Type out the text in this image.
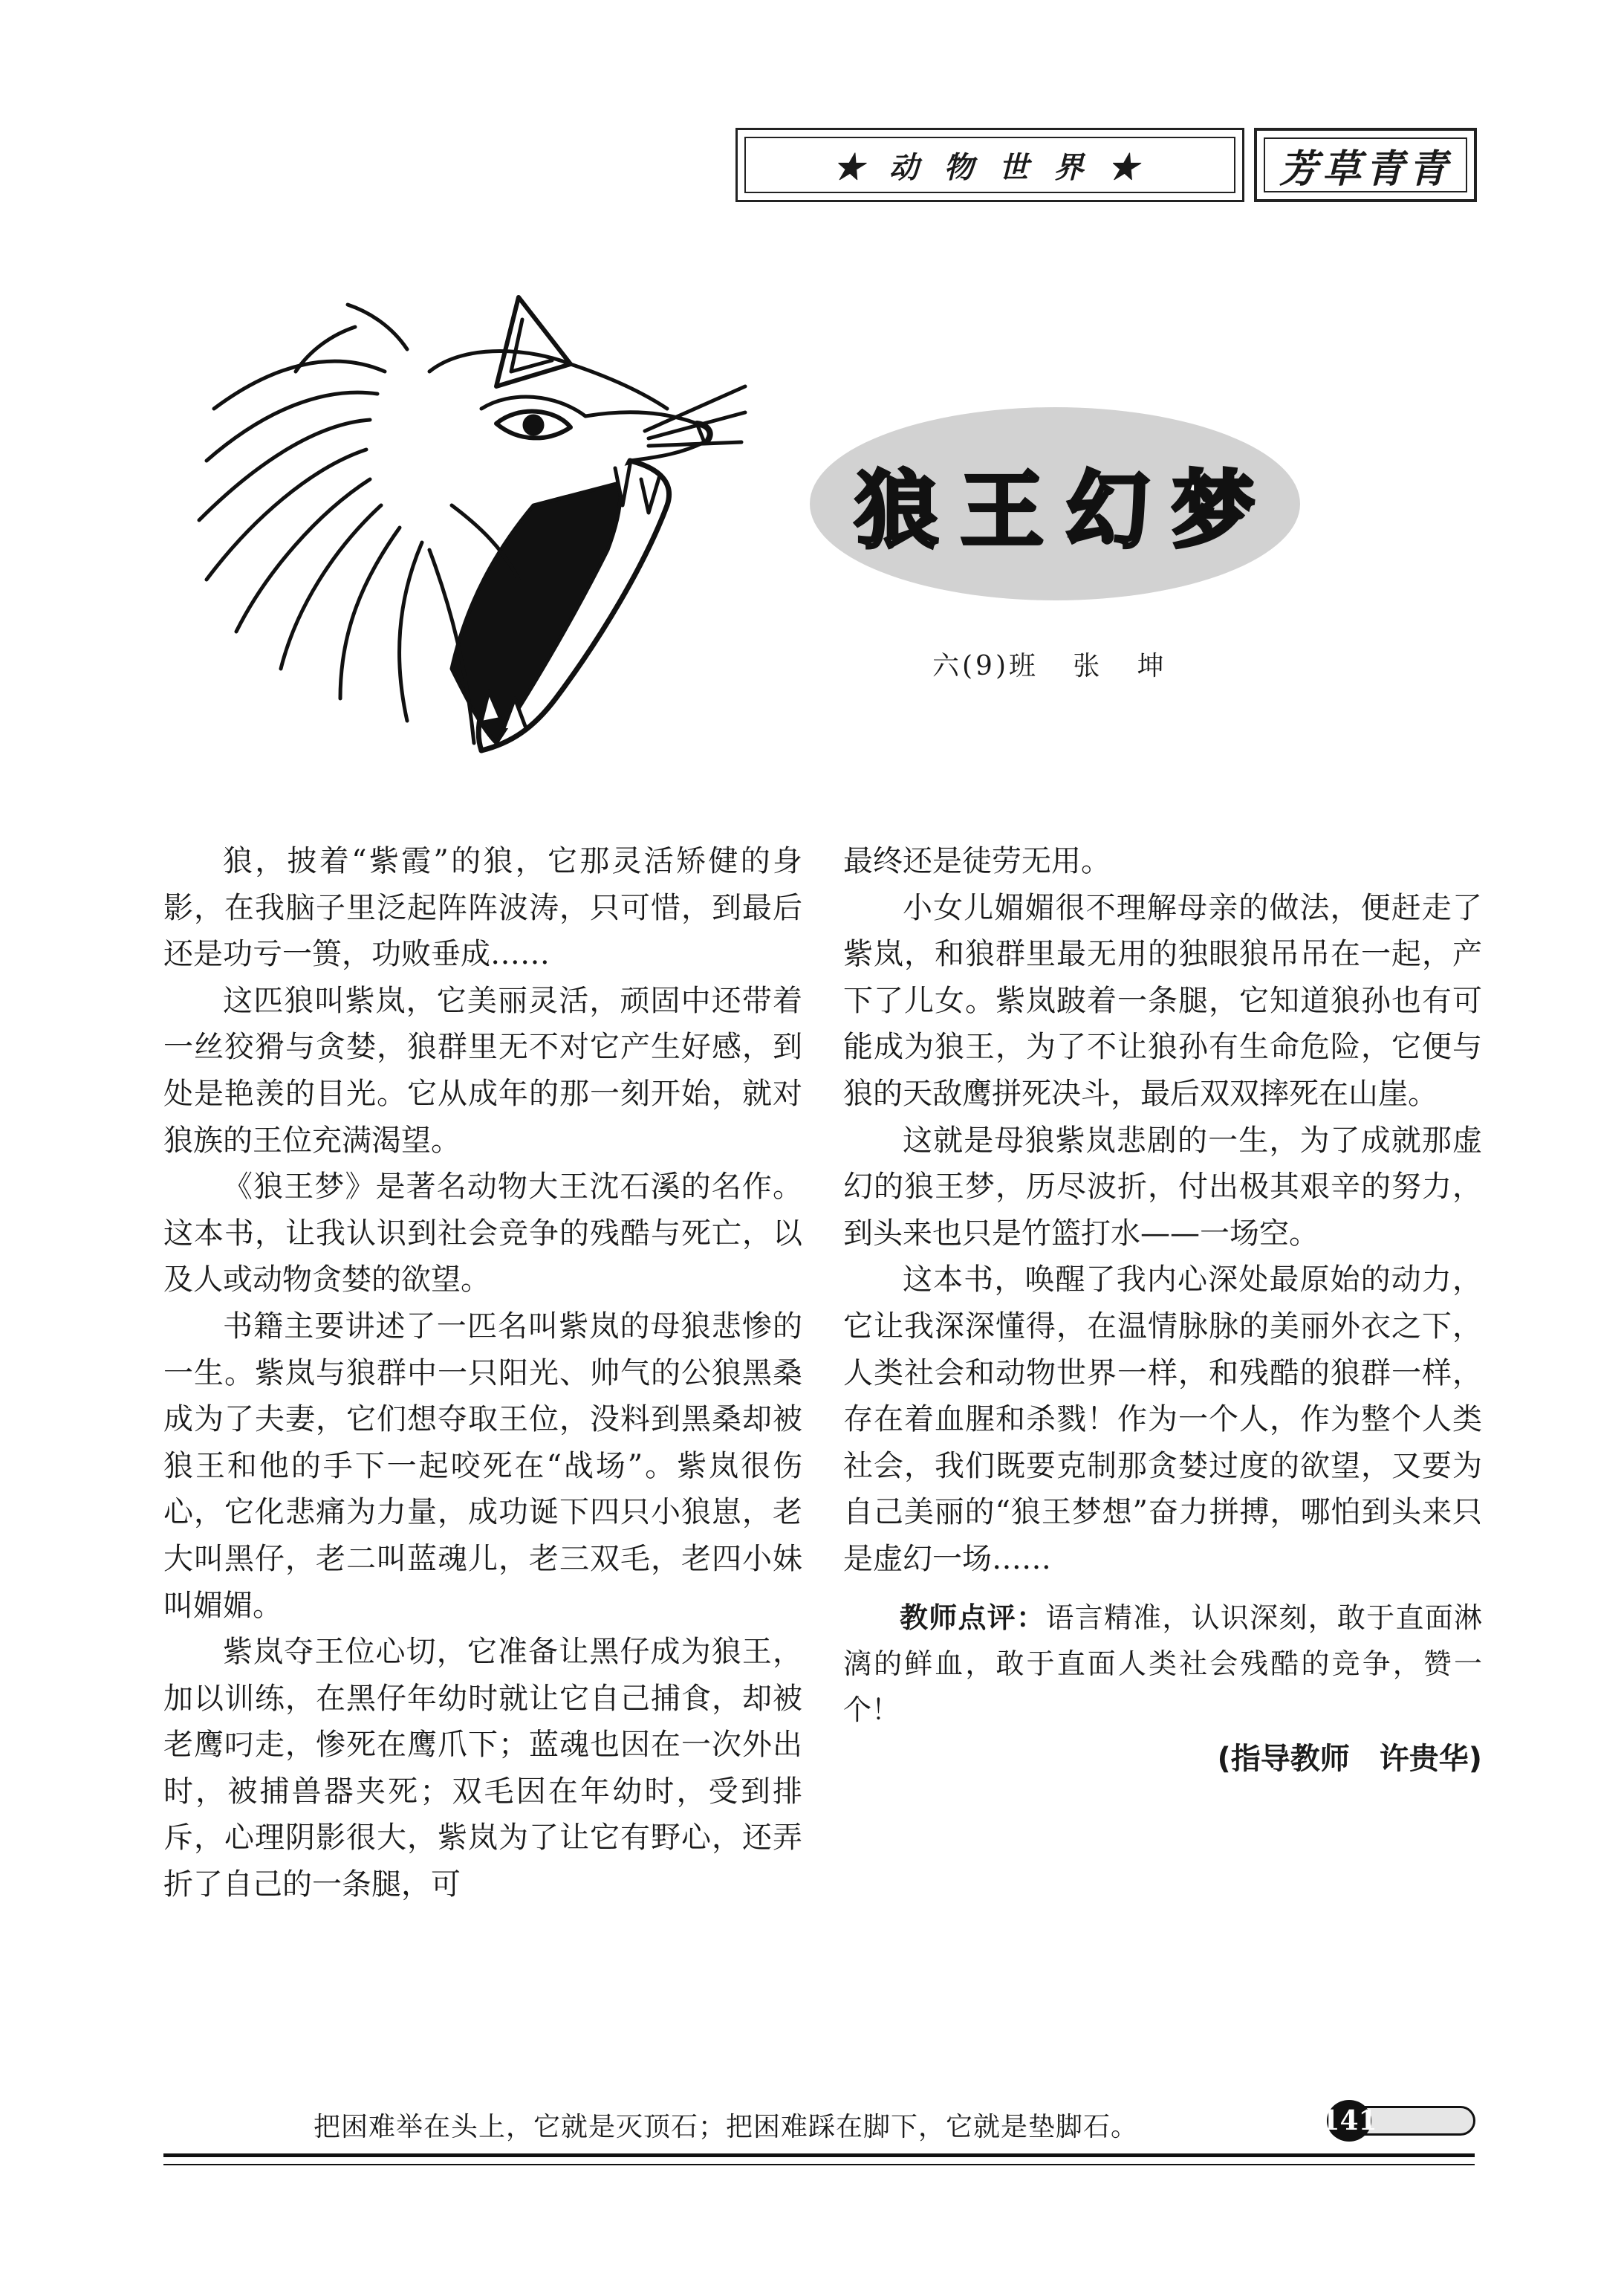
★ 动 物 世 界 ★	芳草青青
狼王幻梦
六(9)班   张   坤

狼，披着“紫霞”的狼，它那灵活矫健的身影，在我脑子里泛起阵阵波涛，只可惜，到最后还是功亏一篑，功败垂成……

这匹狼叫紫岚，它美丽灵活，顽固中还带着一丝狡猾与贪婪，狼群里无不对它产生好感，到处是艳羡的目光。它从成年的那一刻开始，就对狼族的王位充满渴望。

《狼王梦》是著名动物大王沈石溪的名作。这本书，让我认识到社会竞争的残酷与死亡，以及人或动物贪婪的欲望。

书籍主要讲述了一匹名叫紫岚的母狼悲惨的一生。紫岚与狼群中一只阳光、帅气的公狼黑桑成为了夫妻，它们想夺取王位，没料到黑桑却被狼王和他的手下一起咬死在“战场”。紫岚很伤心，它化悲痛为力量，成功诞下四只小狼崽，老大叫黑仔，老二叫蓝魂儿，老三双毛，老四小妹叫媚媚。

紫岚夺王位心切，它准备让黑仔成为狼王，加以训练，在黑仔年幼时就让它自己捕食，却被老鹰叼走，惨死在鹰爪下；蓝魂也因在一次外出时，被捕兽器夹死；双毛因在年幼时，受到排斥，心理阴影很大，紫岚为了让它有野心，还弄折了自己的一条腿，可

最终还是徒劳无用。

小女儿媚媚很不理解母亲的做法，便赶走了紫岚，和狼群里最无用的独眼狼吊吊在一起，产下了儿女。紫岚跛着一条腿，它知道狼孙也有可能成为狼王，为了不让狼孙有生命危险，它便与狼的天敌鹰拼死决斗，最后双双摔死在山崖。

这就是母狼紫岚悲剧的一生，为了成就那虚幻的狼王梦，历尽波折，付出极其艰辛的努力，到头来也只是竹篮打水——一场空。

这本书，唤醒了我内心深处最原始的动力，它让我深深懂得，在温情脉脉的美丽外衣之下，人类社会和动物世界一样，和残酷的狼群一样，存在着血腥和杀戮！作为一个人，作为整个人类社会，我们既要克制那贪婪过度的欲望，又要为自己美丽的“狼王梦想”奋力拼搏，哪怕到头来只是虚幻一场……

教师点评：语言精准，认识深刻，敢于直面淋漓的鲜血，敢于直面人类社会残酷的竞争，赞一个！

(指导教师　许贵华)

把困难举在头上，它就是灭顶石；把困难踩在脚下，它就是垫脚石。	141
